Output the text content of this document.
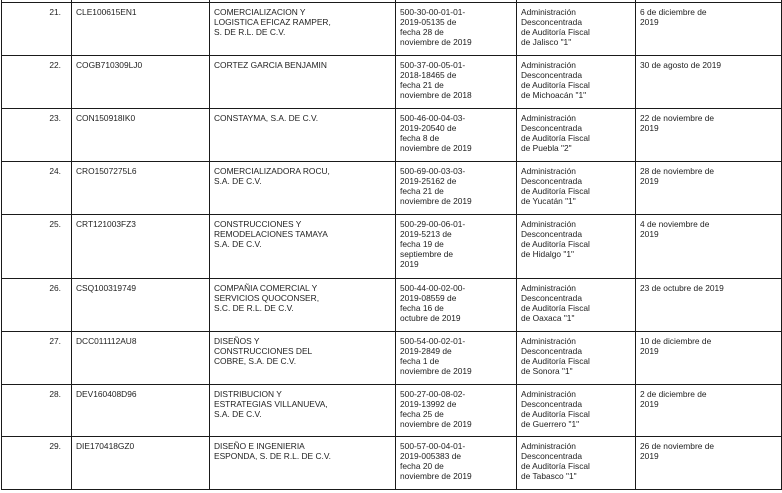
21.	CLE100615EN1	COMERCIALIZACION Y
LOGISTICA EFICAZ RAMPER,
S. DE R.L. DE C.V.	500-30-00-01-01-
2019-05135 de
fecha 28 de
noviembre de 2019	Administración
Desconcentrada
de Auditoría Fiscal
de Jalisco "1"	6 de diciembre de
2019
22.	COGB710309LJ0	CORTEZ GARCIA BENJAMIN	500-37-00-05-01-
2018-18465 de
fecha 21 de
noviembre de 2018	Administración
Desconcentrada
de Auditoría Fiscal
de Michoacán "1"	30 de agosto de 2019
23.	CON150918IK0	CONSTAYMA, S.A. DE C.V.	500-46-00-04-03-
2019-20540 de
fecha 8 de
noviembre de 2019	Administración
Desconcentrada
de Auditoría Fiscal
de Puebla "2"	22 de noviembre de
2019
24.	CRO1507275L6	COMERCIALIZADORA ROCU,
S.A. DE C.V.	500-69-00-03-03-
2019-25162 de
fecha 21 de
noviembre de 2019	Administración
Desconcentrada
de Auditoría Fiscal
de Yucatán "1"	28 de noviembre de
2019
25.	CRT121003FZ3	CONSTRUCCIONES Y
REMODELACIONES TAMAYA
S.A. DE C.V.	500-29-00-06-01-
2019-5213 de
fecha 19 de
septiembre de
2019	Administración
Desconcentrada
de Auditoría Fiscal
de Hidalgo "1"	4 de noviembre de
2019
26.	CSQ100319749	COMPAÑIA COMERCIAL Y
SERVICIOS QUOCONSER,
S.C. DE R.L. DE C.V.	500-44-00-02-00-
2019-08559 de
fecha 16 de
octubre de 2019	Administración
Desconcentrada
de Auditoría Fiscal
de Oaxaca "1"	23 de octubre de 2019
27.	DCC011112AU8	DISEÑOS Y
CONSTRUCCIONES DEL
COBRE, S.A. DE C.V.	500-54-00-02-01-
2019-2849 de
fecha 1 de
noviembre de 2019	Administración
Desconcentrada
de Auditoría Fiscal
de Sonora "1"	10 de diciembre de
2019
28.	DEV160408D96	DISTRIBUCION Y
ESTRATEGIAS VILLANUEVA,
S.A. DE C.V.	500-27-00-08-02-
2019-13992 de
fecha 25 de
noviembre de 2019	Administración
Desconcentrada
de Auditoría Fiscal
de Guerrero "1"	2 de diciembre de
2019
29.	DIE170418GZ0	DISEÑO E INGENIERIA
ESPONDA, S. DE R.L. DE C.V.	500-57-00-04-01-
2019-005383 de
fecha 20 de
noviembre de 2019	Administración
Desconcentrada
de Auditoría Fiscal
de Tabasco "1"	26 de noviembre de
2019
